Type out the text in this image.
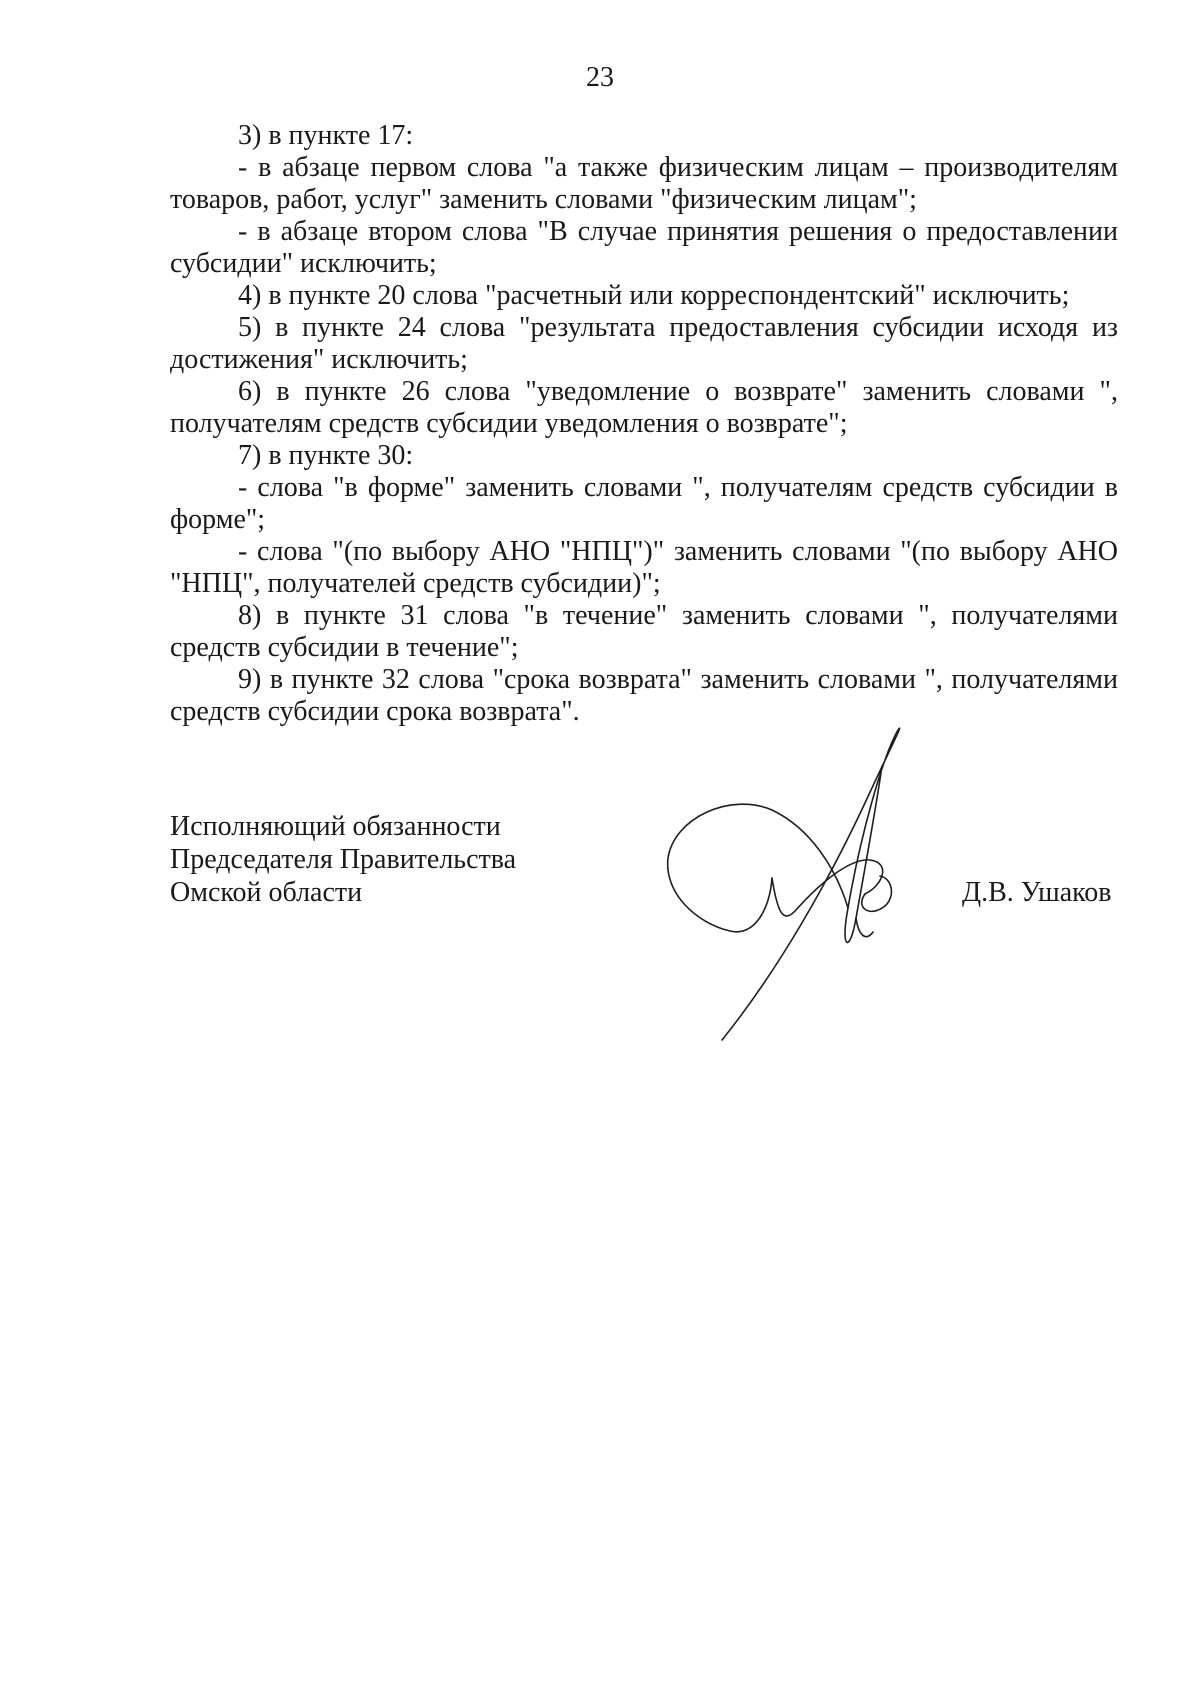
23

3) в пункте 17:

- в абзаце первом слова "а также физическим лицам – производителям товаров, работ, услуг" заменить словами "физическим лицам";

- в абзаце втором слова "В случае принятия решения о предоставлении субсидии" исключить;

4) в пункте 20 слова "расчетный или корреспондентский" исключить;

5) в пункте 24 слова "результата предоставления субсидии исходя из достижения" исключить;

6) в пункте 26 слова "уведомление о возврате" заменить словами ", получателям средств субсидии уведомления о возврате";

7) в пункте 30:

- слова "в форме" заменить словами ", получателям средств субсидии в форме";

- слова "(по выбору АНО "НПЦ")" заменить словами "(по выбору АНО "НПЦ", получателей средств субсидии)";

8) в пункте 31 слова "в течение" заменить словами ", получателями средств субсидии в течение";

9) в пункте 32 слова "срока возврата" заменить словами ", получателями средств субсидии срока возврата".

Исполняющий обязанности
Председателя Правительства
Омской области	Д.В. Ушаков
